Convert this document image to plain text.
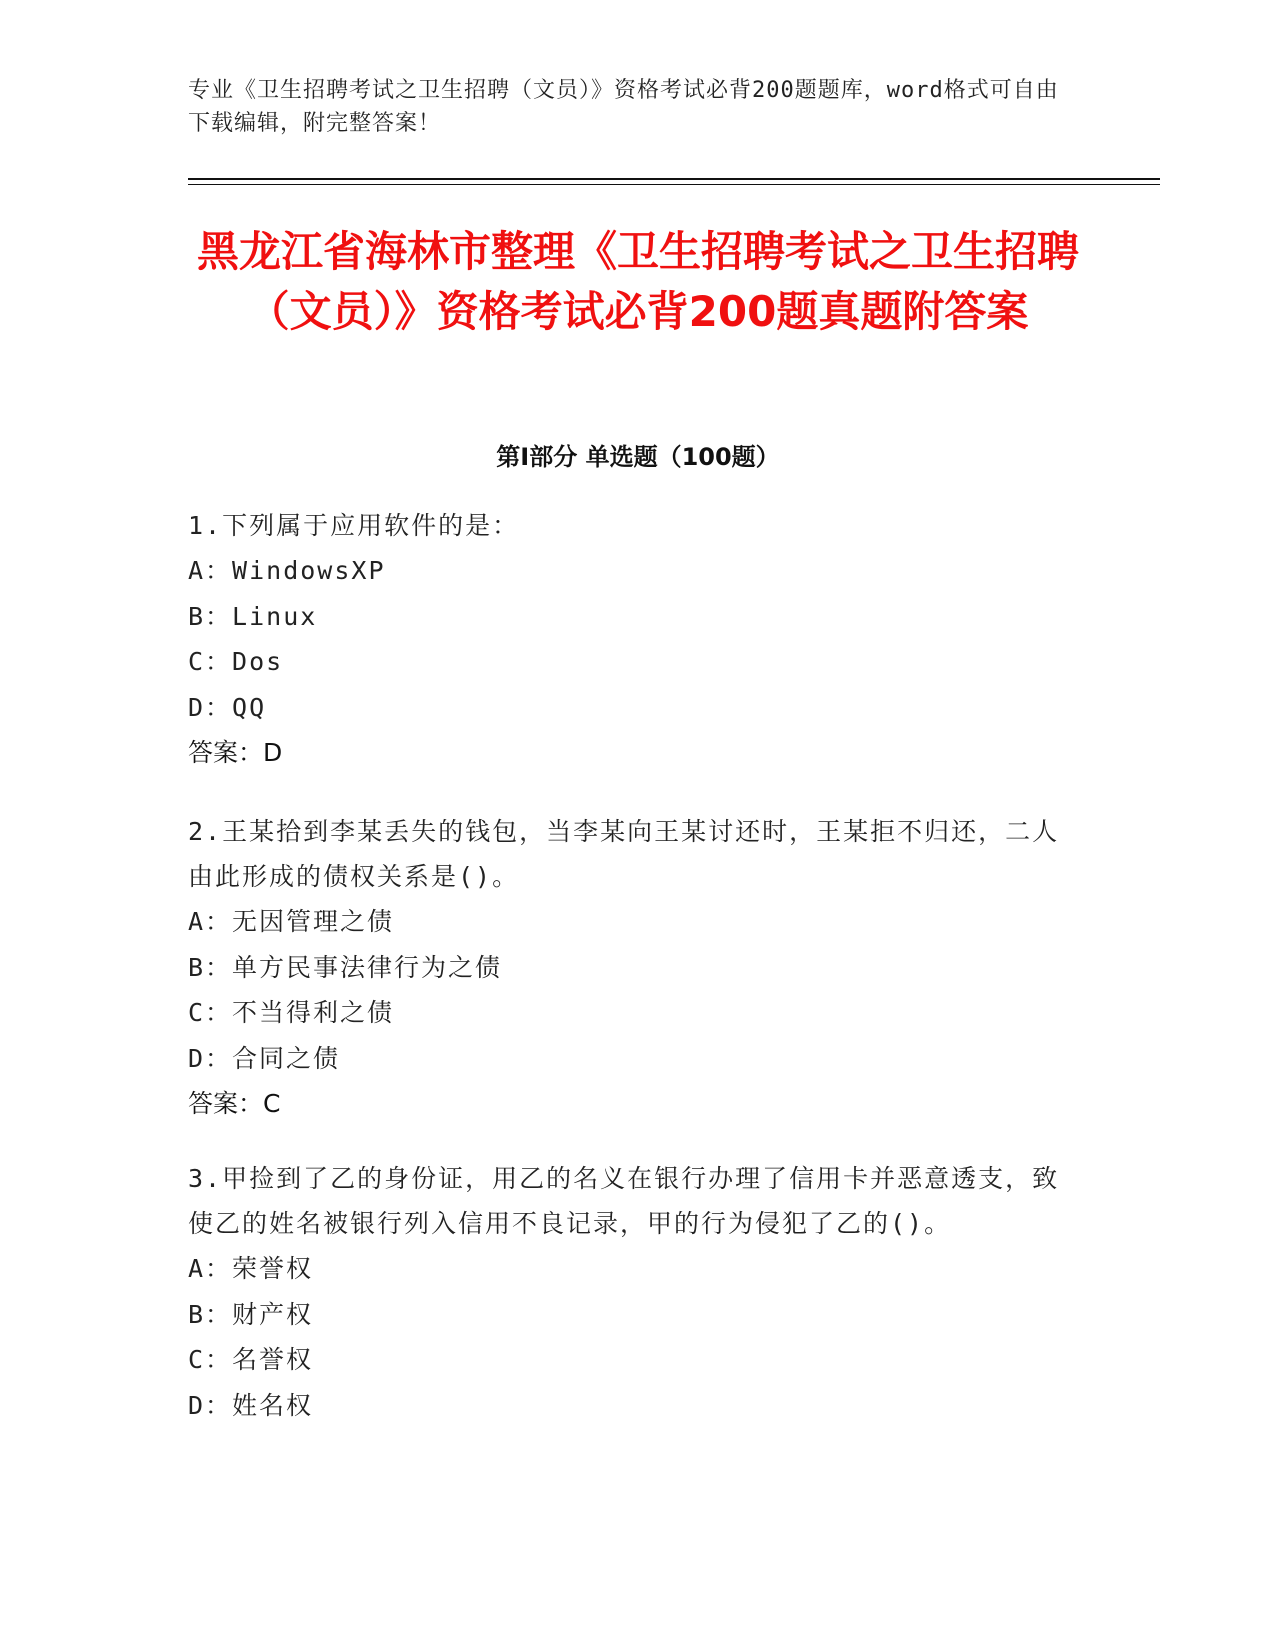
专业《卫生招聘考试之卫生招聘（文员）》资格考试必背200题题库，word格式可自由下载编辑，附完整答案！
黑龙江省海林市整理《卫生招聘考试之卫生招聘（文员）》资格考试必背200题真题附答案
第Ⅰ部分 单选题（100题）
1.下列属于应用软件的是：
A：WindowsXP
B：Linux
C：Dos
D：QQ
答案：D
2.王某拾到李某丢失的钱包，当李某向王某讨还时，王某拒不归还，二人由此形成的债权关系是()。
A：无因管理之债
B：单方民事法律行为之债
C：不当得利之债
D：合同之债
答案：C
3.甲捡到了乙的身份证，用乙的名义在银行办理了信用卡并恶意透支，致使乙的姓名被银行列入信用不良记录，甲的行为侵犯了乙的()。
A：荣誉权
B：财产权
C：名誉权
D：姓名权
